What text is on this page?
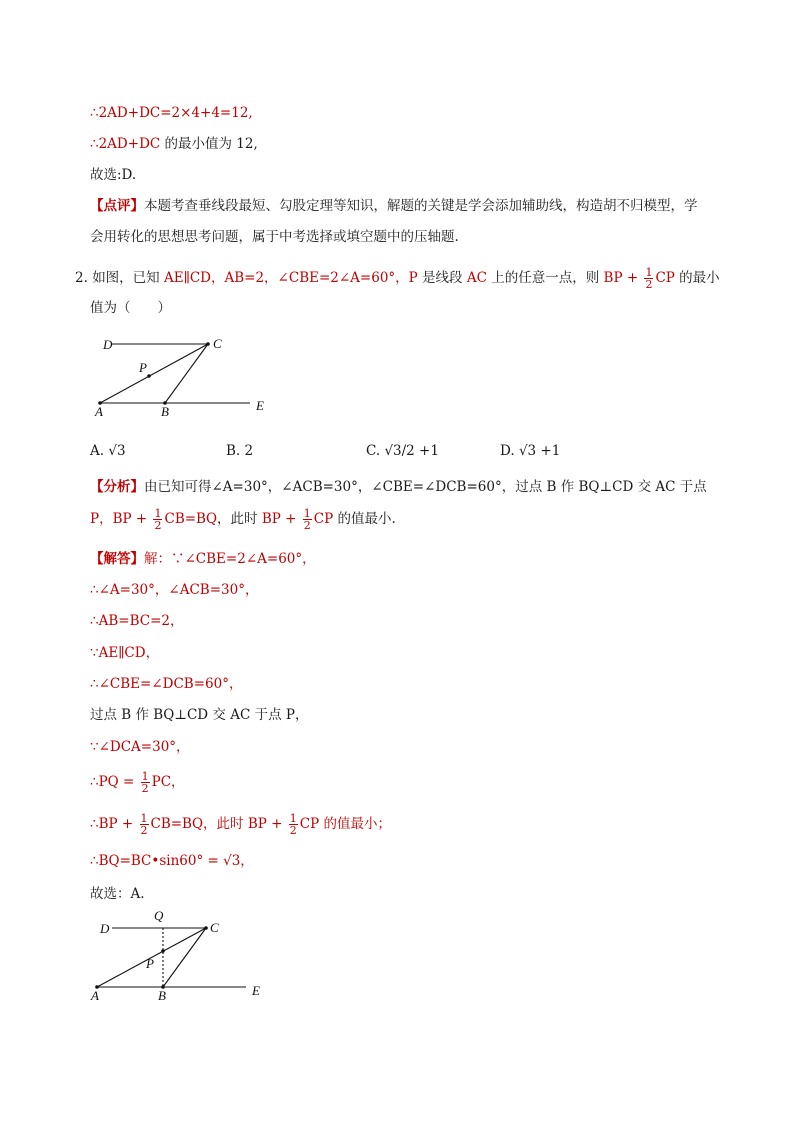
∴2AD+DC=2×4+4=12,
∴2AD+DC 的最小值为 12,
故选:D.
【点评】本题考查垂线段最短、勾股定理等知识，解题的关键是学会添加辅助线，构造胡不归模型，学
会用转化的思想思考问题，属于中考选择或填空题中的压轴题.
2. 如图，已知 AE∥CD，AB=2，∠CBE=2∠A=60°，P 是线段 AC 上的任意一点，则 BP + $\frac{1}{2}$ CP 的最小
值为（　　）
D	C
P
A	B	E
A. √3	B. 2	C. √3/2 +1	D. √3 +1
【分析】由已知可得∠A=30°，∠ACB=30°，∠CBE=∠DCB=60°，过点 B 作 BQ⊥CD 交 AC 于点
P，BP + $\frac{1}{2} CB=BQ$，此时 BP + $\frac{1}{2}$ CP 的值最小.
【解答】解：∵∠CBE=2∠A=60°，
∴∠A=30°，∠ACB=30°，
∴AB=BC=2，
∵AE∥CD，
∴∠CBE=∠DCB=60°，
过点 B 作 BQ⊥CD 交 AC 于点 P，
∵∠DCA=30°，
∴PQ = $\frac{1}{2}$ PC，
∴BP + $\frac{1}{2} CB=BQ$，此时 BP + $\frac{1}{2}$ CP 的值最小；
∴BQ=BC•sin60° = √3，
故选：A.
D
Q
C
P
A	B	E
